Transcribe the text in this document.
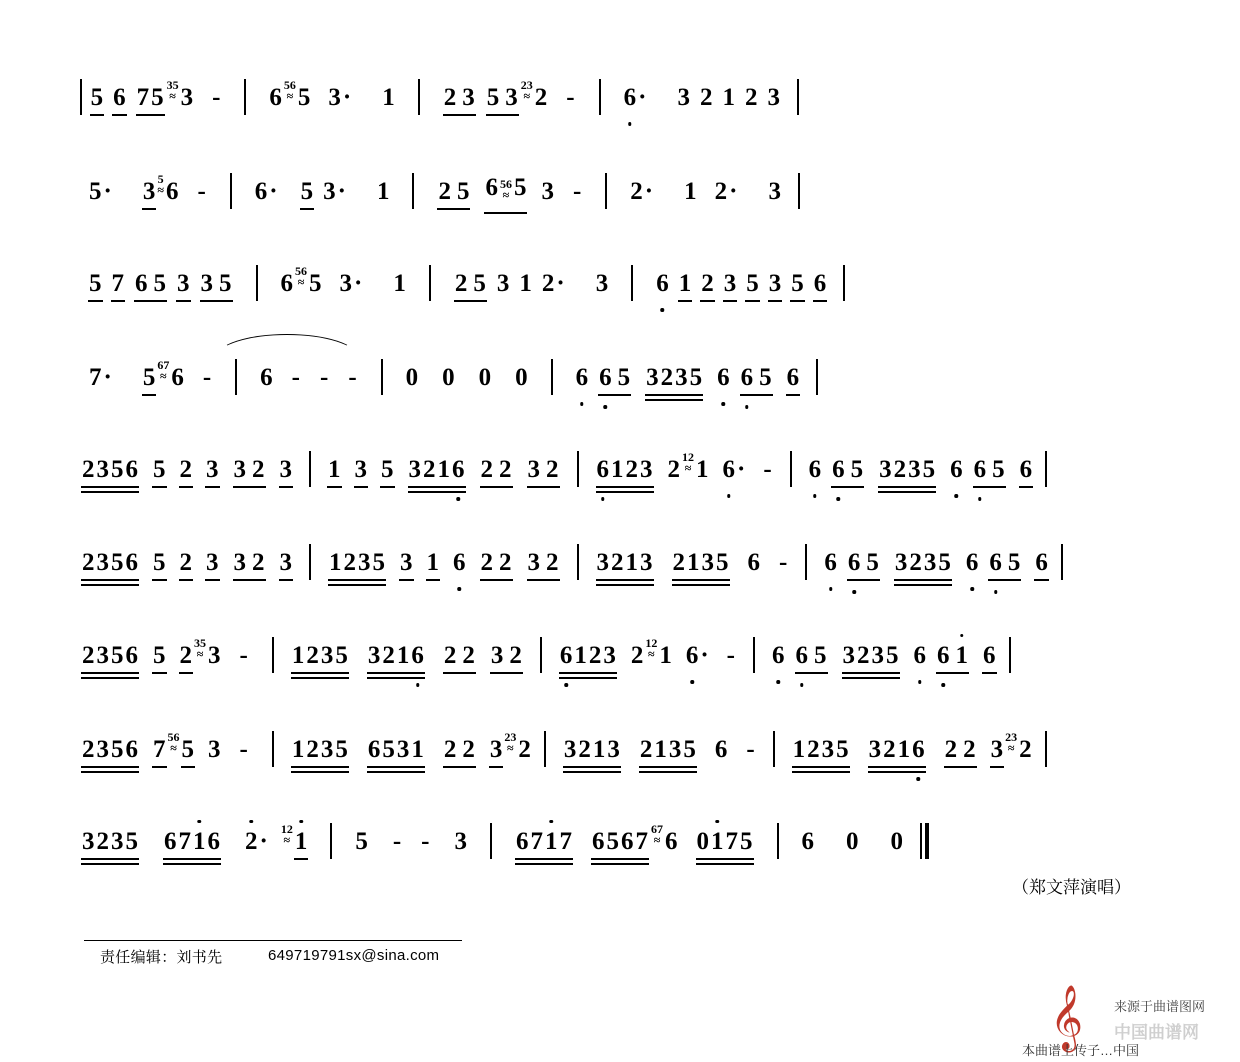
5 6 75 35
≈ 3 - 6 56
≈ 5 3 · 1 2 3 5 3 23
≈ 2 - 6 · 3 2 1 2 3
5 · 3 5
≈ 6 - 6 · 5 3 · 1 2 5 6 56
≈ 5 3 - 2 · 1 2 · 3
5 7 6 5 3 3 5 6 56
≈ 5 3 · 1 2 5 3 1 2 · 3 6 1 2 3 5 3 5 6
7 · 5 67
≈ 6 - 6 - - - 0 0 0 0 6 6 5 3235 6 6 5 6
2356 5 2 3 3 2 3 1 3 5 3216 2 2 3 2 6123 2 12
≈ 1 6 · - 6 6 5 3235 6 6 5 6
2356 5 2 3 3 2 3 1235 3 1 6 2 2 3 2 3213 2135 6 - 6 6 5 3235 6 6 5 6
2356 5 2 35
≈ 3 - 1235 3216 2 2 3 2 6123 2 12
≈ 1 6 · - 6 6 5 3235 6 6 1 6
2356 7 56
≈ 5 3 - 1235 6531 2 2 3 23
≈ 2 3213 2135 6 - 1235 3216 2 2 3 23
≈ 2
3235 6716 2 · 12
≈ 1 5 - - 3 6717 6567 67
≈ 6 0175 6 0 0
（郑文萍演唱）
责任编辑：刘书先	649719791sx@sina.com
𝄞 来源于曲谱图网
中国曲谱网
本曲谱上传子…中国
